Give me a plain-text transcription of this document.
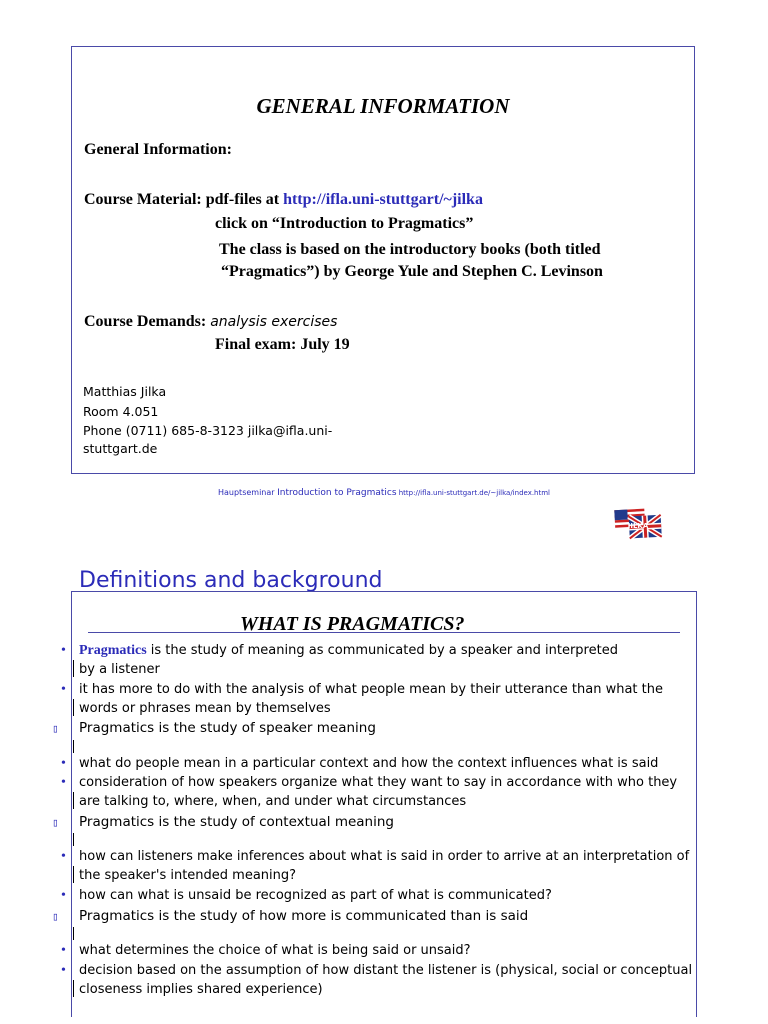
GENERAL INFORMATION
General Information:
Course Material: pdf-files at http://ifla.uni-stuttgart/~jilka
click on “Introduction to Pragmatics”
The class is based on the introductory books (both titled
“Pragmatics”) by George Yule and Stephen C. Levinson
Course Demands: analysis exercises
Final exam: July 19
Matthias Jilka
Room 4.051
Phone (0711) 685-8-3123 jilka@ifla.uni-
stuttgart.de
Hauptseminar Introduction to Pragmatics http://ifla.uni-stuttgart.de/~jilka/index.html
JILKA
Definitions and background
WHAT IS PRAGMATICS?
• Pragmatics is the study of meaning as communicated by a speaker and interpreted
by a listener
• it has more to do with the analysis of what people mean by their utterance than what the
words or phrases mean by themselves
▯ Pragmatics is the study of speaker meaning
• what do people mean in a particular context and how the context influences what is said
• consideration of how speakers organize what they want to say in accordance with who they
are talking to, where, when, and under what circumstances
▯ Pragmatics is the study of contextual meaning
• how can listeners make inferences about what is said in order to arrive at an interpretation of
the speaker's intended meaning?
• how can what is unsaid be recognized as part of what is communicated?
▯ Pragmatics is the study of how more is communicated than is said
• what determines the choice of what is being said or unsaid?
• decision based on the assumption of how distant the listener is (physical, social or conceptual
closeness implies shared experience)
